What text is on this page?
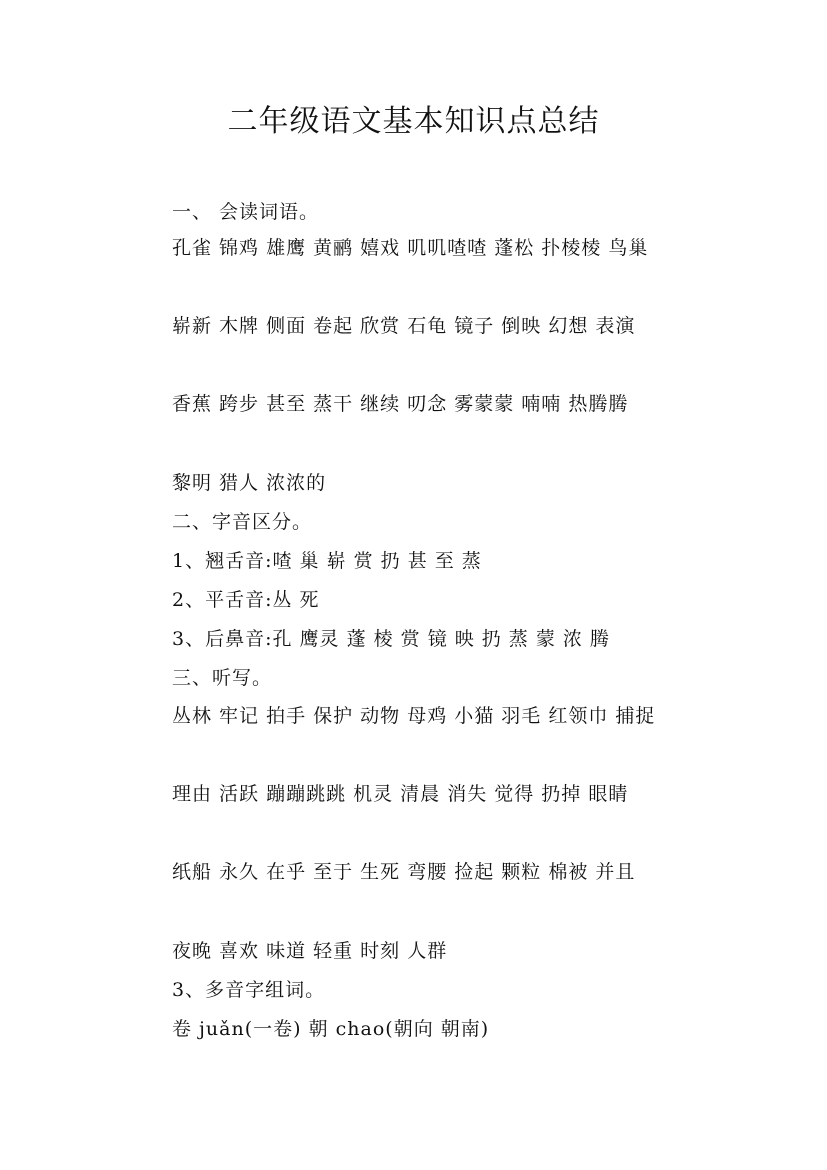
二年级语文基本知识点总结
一、 会读词语。
孔雀 锦鸡 雄鹰 黄鹂 嬉戏 叽叽喳喳 蓬松 扑棱棱 鸟巢
崭新 木牌 侧面 卷起 欣赏 石龟 镜子 倒映 幻想 表演
香蕉 跨步 甚至 蒸干 继续 叨念 雾蒙蒙 喃喃 热腾腾
黎明 猎人 浓浓的
二、字音区分。
1、翘舌音:喳 巢 崭 赏 扔 甚 至 蒸
2、平舌音:丛 死
3、后鼻音:孔 鹰灵 蓬 棱 赏 镜 映 扔 蒸 蒙 浓 腾
三、听写。
丛林 牢记 拍手 保护 动物 母鸡 小猫 羽毛 红领巾 捕捉
理由 活跃 蹦蹦跳跳 机灵 清晨 消失 觉得 扔掉 眼睛
纸船 永久 在乎 至于 生死 弯腰 捡起 颗粒 棉被 并且
夜晚 喜欢 味道 轻重 时刻 人群
3、多音字组词。
卷 juǎn(一卷) 朝 chao(朝向 朝南)
